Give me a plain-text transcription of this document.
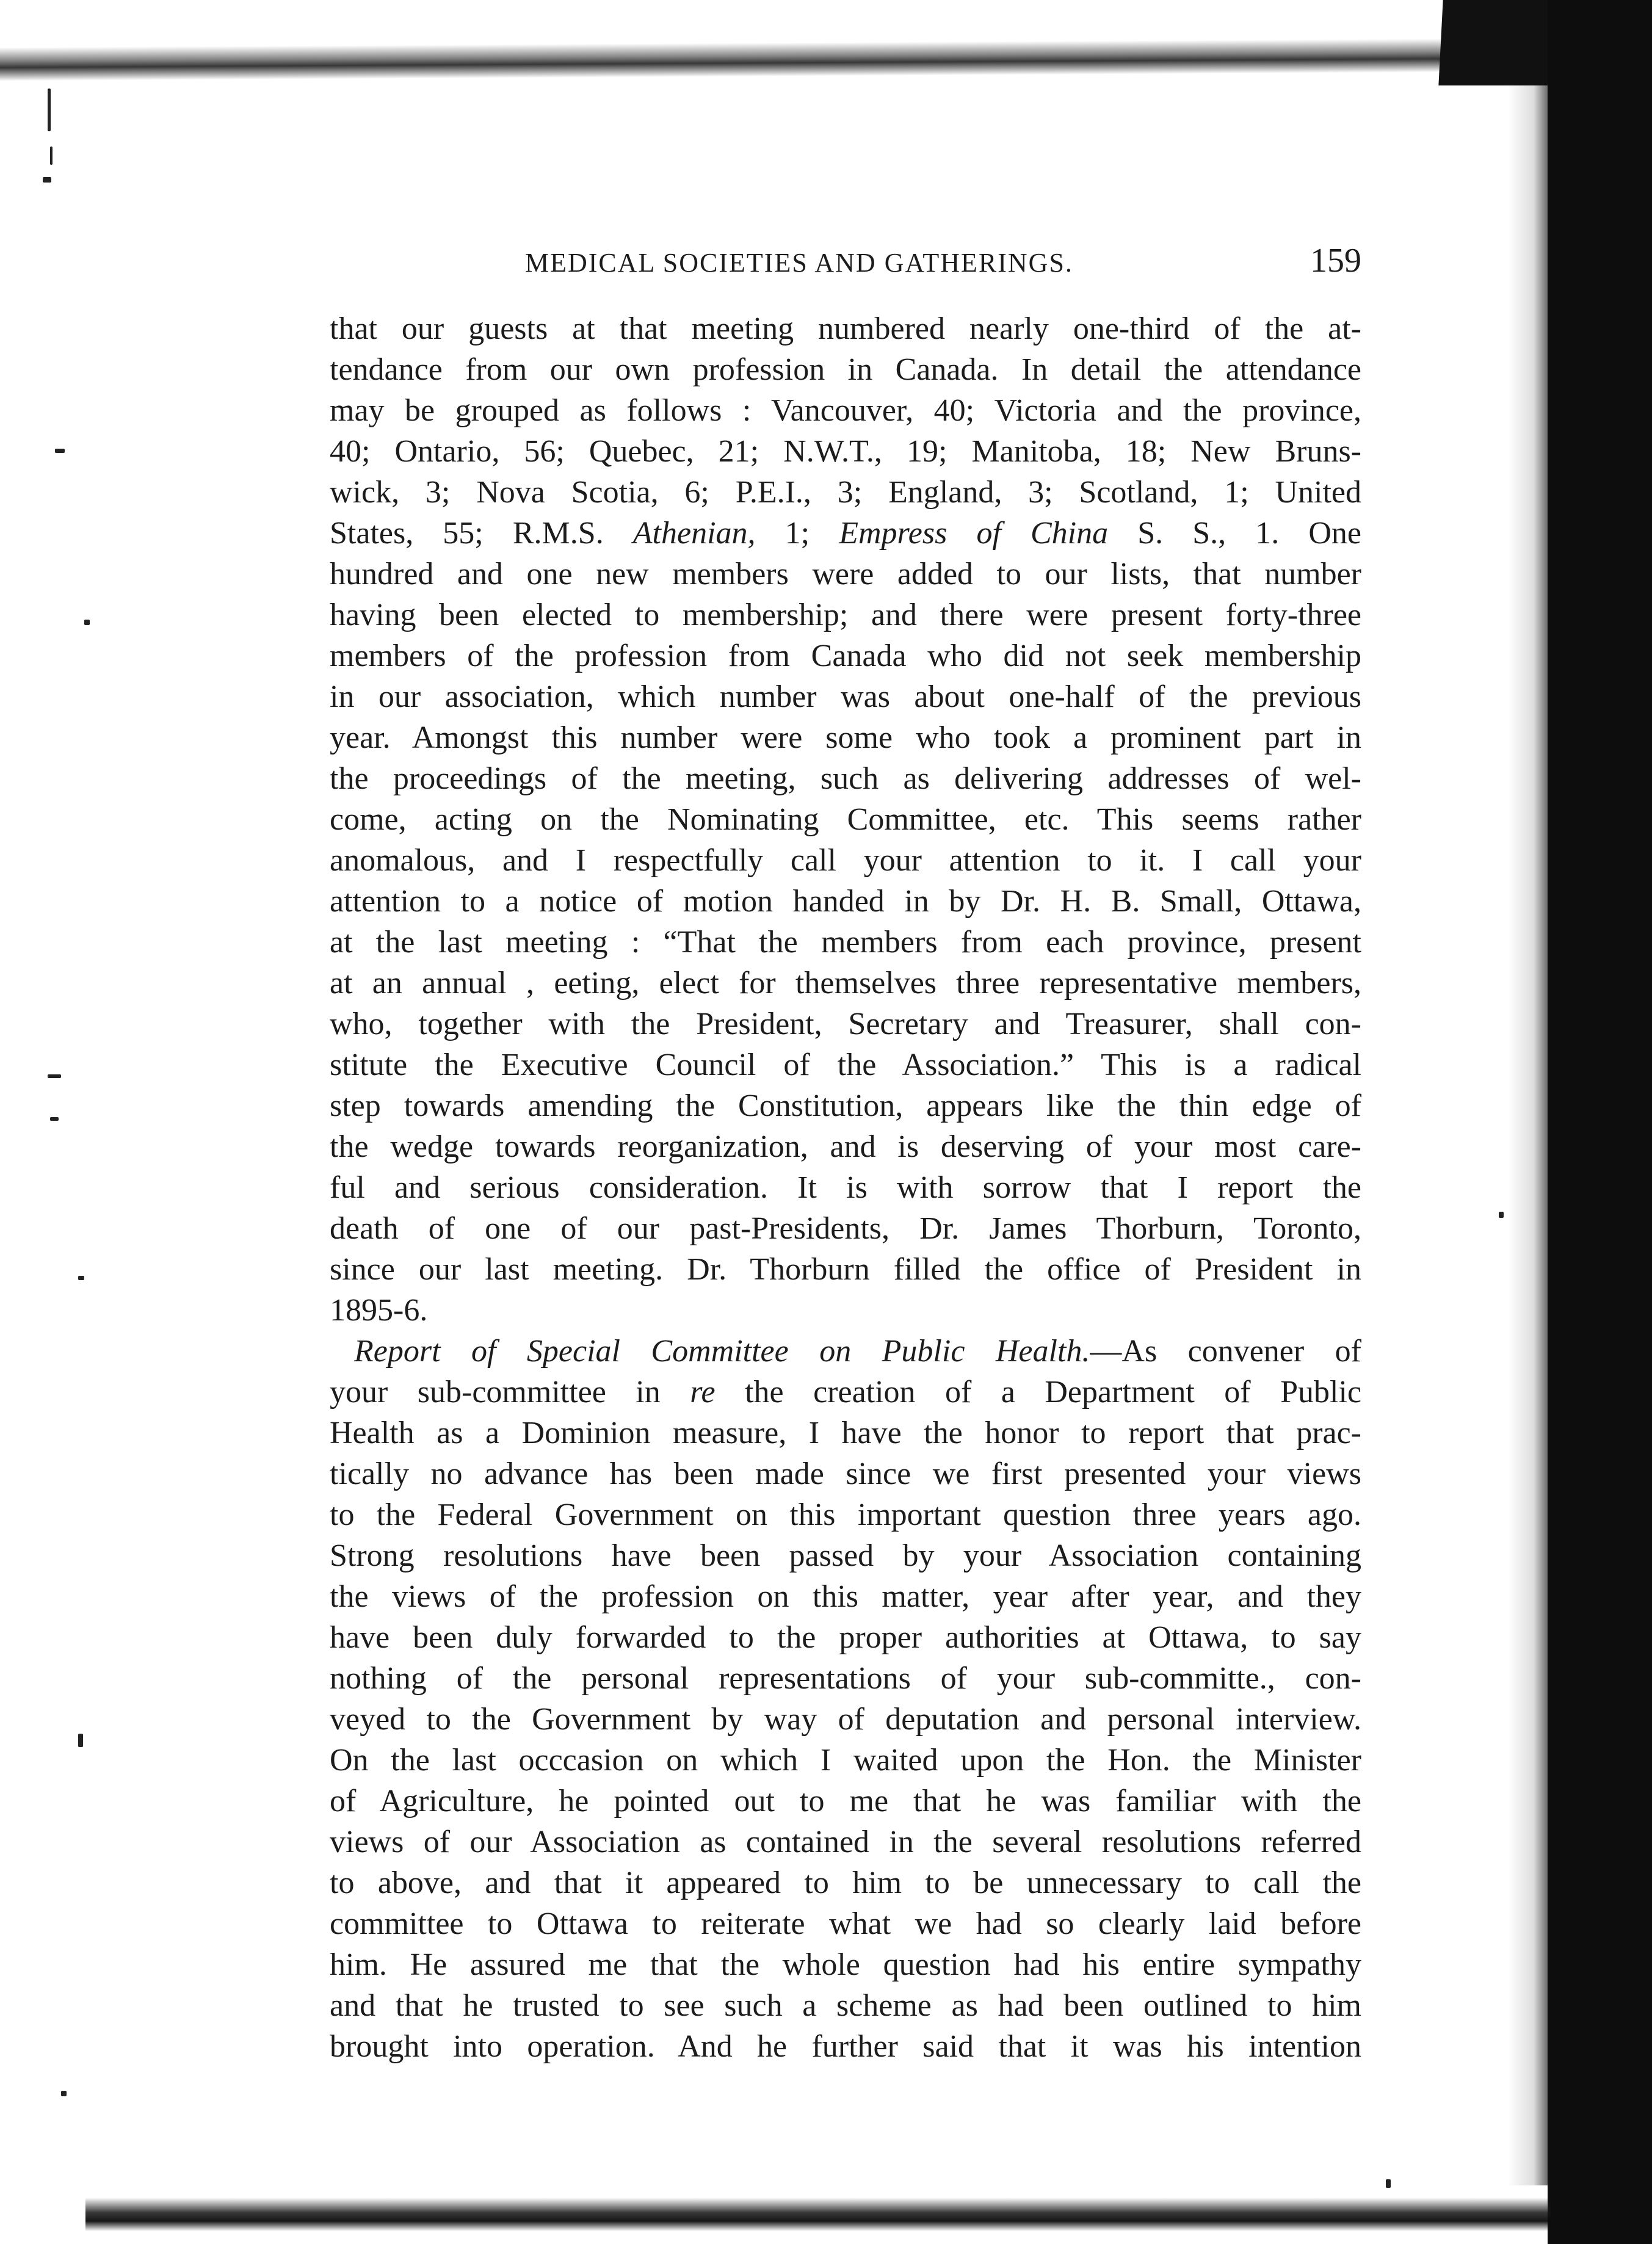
MEDICAL SOCIETIES AND GATHERINGS.	159
that our guests at that meeting numbered nearly one-third of the at-
tendance from our own profession in Canada. In detail the attendance
may be grouped as follows : Vancouver, 40; Victoria and the province,
40; Ontario, 56; Quebec, 21; N.W.T., 19; Manitoba, 18; New Bruns-
wick, 3; Nova Scotia, 6; P.E.I., 3; England, 3; Scotland, 1; United
States, 55; R.M.S. Athenian, 1; Empress of China S. S., 1. One
hundred and one new members were added to our lists, that number
having been elected to membership; and there were present forty-three
members of the profession from Canada who did not seek membership
in our association, which number was about one-half of the previous
year. Amongst this number were some who took a prominent part in
the proceedings of the meeting, such as delivering addresses of wel-
come, acting on the Nominating Committee, etc. This seems rather
anomalous, and I respectfully call your attention to it. I call your
attention to a notice of motion handed in by Dr. H. B. Small, Ottawa,
at the last meeting : “That the members from each province, present
at an annual , eeting, elect for themselves three representative members,
who, together with the President, Secretary and Treasurer, shall con-
stitute the Executive Council of the Association.” This is a radical
step towards amending the Constitution, appears like the thin edge of
the wedge towards reorganization, and is deserving of your most care-
ful and serious consideration. It is with sorrow that I report the
death of one of our past-Presidents, Dr. James Thorburn, Toronto,
since our last meeting. Dr. Thorburn filled the office of President in
1895-6.
Report of Special Committee on Public Health.—As convener of
your sub-committee in re the creation of a Department of Public
Health as a Dominion measure, I have the honor to report that prac-
tically no advance has been made since we first presented your views
to the Federal Government on this important question three years ago.
Strong resolutions have been passed by your Association containing
the views of the profession on this matter, year after year, and they
have been duly forwarded to the proper authorities at Ottawa, to say
nothing of the personal representations of your sub-committe., con-
veyed to the Government by way of deputation and personal interview.
On the last occcasion on which I waited upon the Hon. the Minister
of Agriculture, he pointed out to me that he was familiar with the
views of our Association as contained in the several resolutions referred
to above, and that it appeared to him to be unnecessary to call the
committee to Ottawa to reiterate what we had so clearly laid before
him. He assured me that the whole question had his entire sympathy
and that he trusted to see such a scheme as had been outlined to him
brought into operation. And he further said that it was his intention
